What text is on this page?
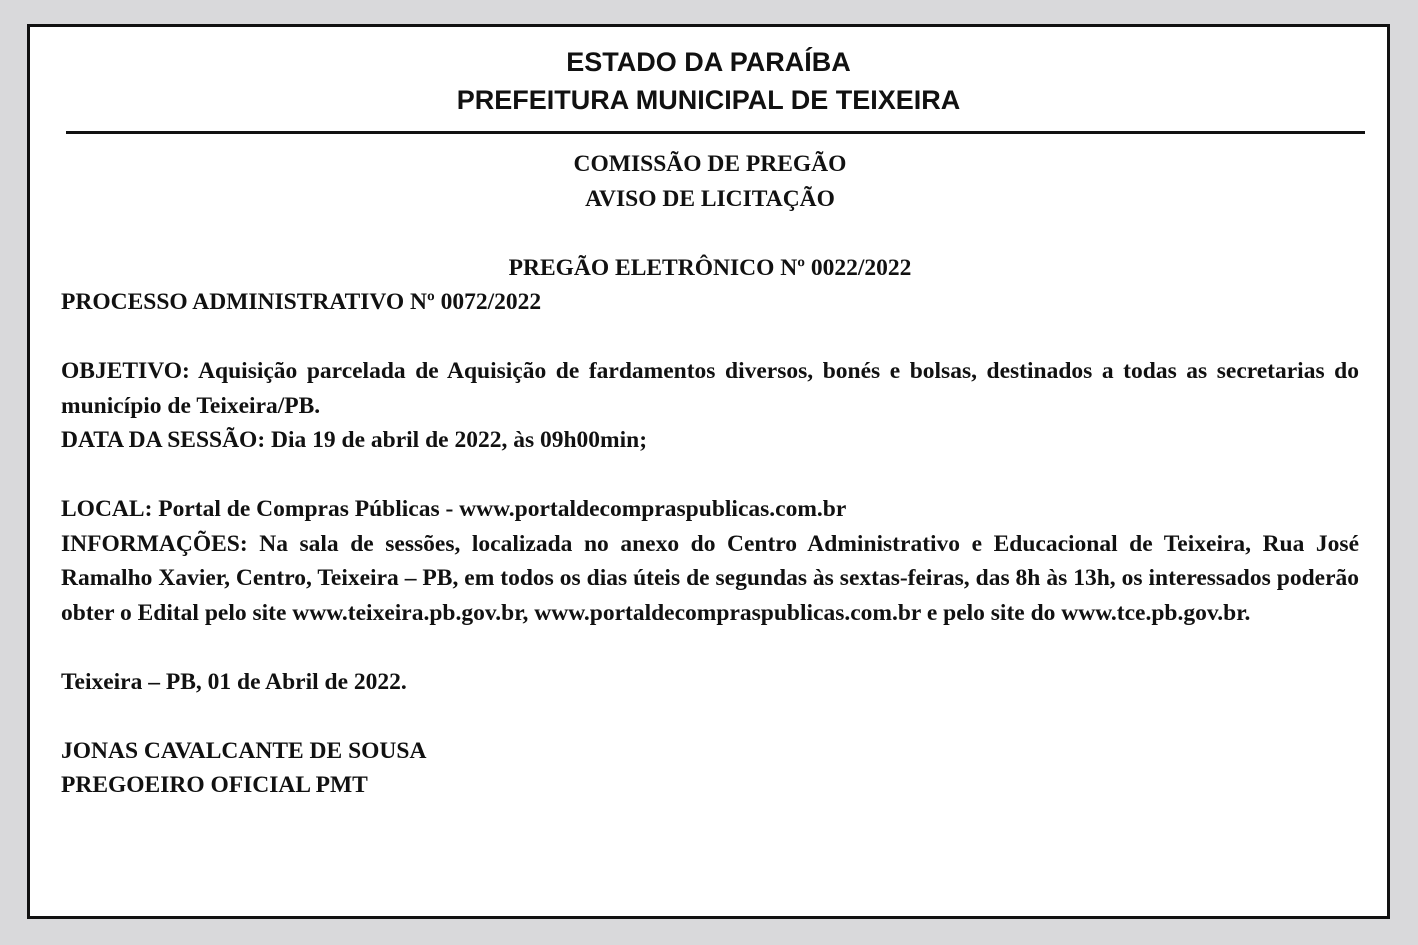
ESTADO DA PARAÍBA
PREFEITURA MUNICIPAL DE TEIXEIRA

COMISSÃO DE PREGÃO

AVISO DE LICITAÇÃO

PREGÃO ELETRÔNICO Nº 0022/2022

PROCESSO ADMINISTRATIVO Nº 0072/2022

OBJETIVO: Aquisição parcelada de Aquisição de fardamentos diversos, bonés e bolsas, destinados a todas as secretarias do município de Teixeira/PB.

DATA DA SESSÃO: Dia 19 de abril de 2022, às 09h00min;

LOCAL: Portal de Compras Públicas - www.portaldecompraspublicas.com.br

INFORMAÇÕES: Na sala de sessões, localizada no anexo do Centro Administrativo e Educacional de Teixeira, Rua José Ramalho Xavier, Centro, Teixeira – PB, em todos os dias úteis de segundas às sextas-feiras, das 8h às 13h, os interessados poderão obter o Edital pelo site www.teixeira.pb.gov.br, www.portaldecompraspublicas.com.br e pelo site do www.tce.pb.gov.br.

Teixeira – PB, 01 de Abril de 2022.

JONAS CAVALCANTE DE SOUSA

PREGOEIRO OFICIAL PMT
